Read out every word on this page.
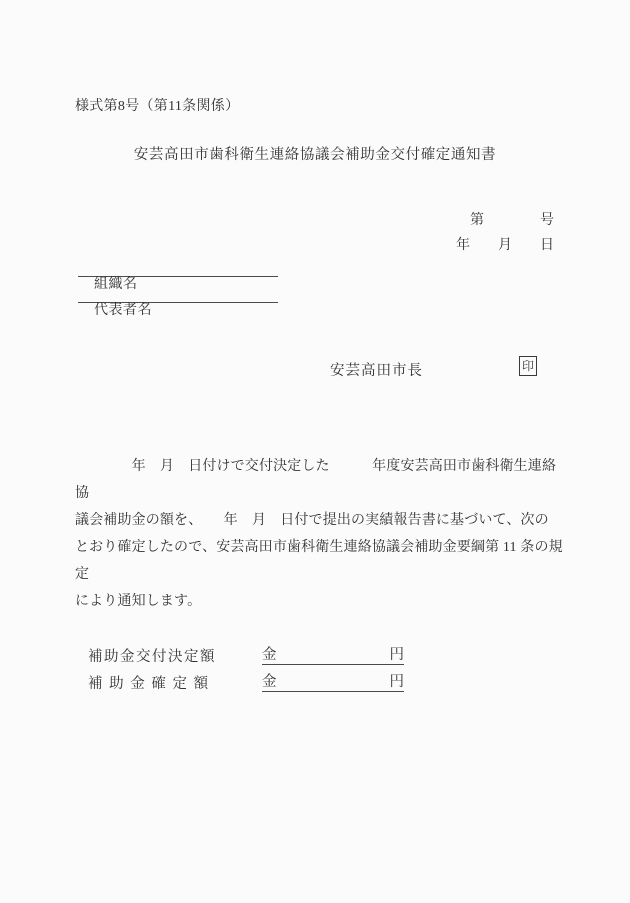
様式第8号（第11条関係）
安芸高田市歯科衛生連絡協議会補助金交付確定通知書
第　　　　号
年　　月　　日

組織名

代表者名

安芸高田市長	印
　　　　年　月　日付けで交付決定した　　　年度安芸高田市歯科衛生連絡協
議会補助金の額を、　　年　月　日付で提出の実績報告書に基づいて、次の
とおり確定したので、安芸高田市歯科衛生連絡協議会補助金要綱第 11 条の規定
により通知します。
補助金交付決定額	金	円
補 助 金 確 定 額	金	円
